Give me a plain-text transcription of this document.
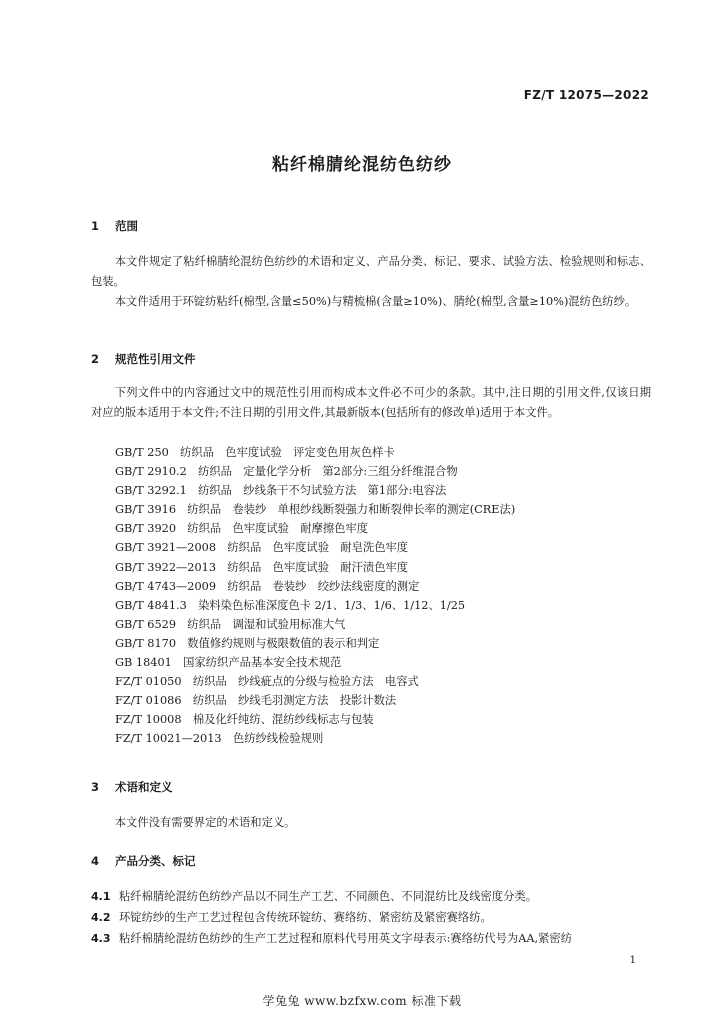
FZ/T 12075—2022
粘纤棉腈纶混纺色纺纱
1 范围
本文件规定了粘纤棉腈纶混纺色纺纱的术语和定义、产品分类、标记、要求、试验方法、检验规则和标志、包装。
本文件适用于环锭纺粘纤(棉型,含量≤50%)与精梳棉(含量≥10%)、腈纶(棉型,含量≥10%)混纺色纺纱。
2 规范性引用文件
下列文件中的内容通过文中的规范性引用而构成本文件必不可少的条款。其中,注日期的引用文件,仅该日期对应的版本适用于本文件;不注日期的引用文件,其最新版本(包括所有的修改单)适用于本文件。
GB/T 250　纺织品　色牢度试验　评定变色用灰色样卡
GB/T 2910.2　纺织品　定量化学分析　第2部分:三组分纤维混合物
GB/T 3292.1　纺织品　纱线条干不匀试验方法　第1部分:电容法
GB/T 3916　纺织品　卷装纱　单根纱线断裂强力和断裂伸长率的测定(CRE法)
GB/T 3920　纺织品　色牢度试验　耐摩擦色牢度
GB/T 3921—2008　纺织品　色牢度试验　耐皂洗色牢度
GB/T 3922—2013　纺织品　色牢度试验　耐汗渍色牢度
GB/T 4743—2009　纺织品　卷装纱　绞纱法线密度的测定
GB/T 4841.3　染料染色标准深度色卡 2/1、1/3、1/6、1/12、1/25
GB/T 6529　纺织品　调湿和试验用标准大气
GB/T 8170　数值修约规则与极限数值的表示和判定
GB 18401　国家纺织产品基本安全技术规范
FZ/T 01050　纺织品　纱线疵点的分级与检验方法　电容式
FZ/T 01086　纺织品　纱线毛羽测定方法　投影计数法
FZ/T 10008　棉及化纤纯纺、混纺纱线标志与包装
FZ/T 10021—2013　色纺纱线检验规则
3 术语和定义
本文件没有需要界定的术语和定义。
4 产品分类、标记
4.1 粘纤棉腈纶混纺色纺纱产品以不同生产工艺、不同颜色、不同混纺比及线密度分类。
4.2 环锭纺纱的生产工艺过程包含传统环锭纺、赛络纺、紧密纺及紧密赛络纺。
4.3 粘纤棉腈纶混纺色纺纱的生产工艺过程和原料代号用英文字母表示:赛络纺代号为AA,紧密纺
1
学兔兔 www.bzfxw.com 标准下载
